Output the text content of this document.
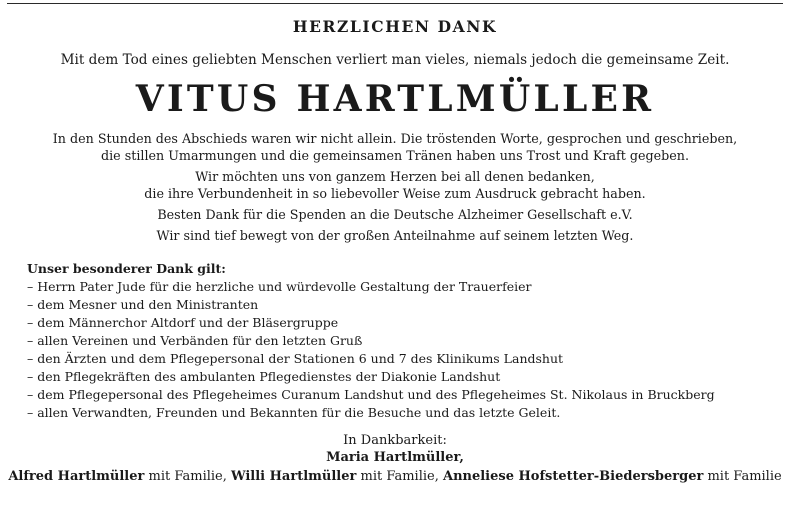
HERZLICHEN DANK
Mit dem Tod eines geliebten Menschen verliert man vieles, niemals jedoch die gemeinsame Zeit.
VITUS HARTLMÜLLER

In den Stunden des Abschieds waren wir nicht allein. Die tröstenden Worte, gesprochen und geschrieben,

die stillen Umarmungen und die gemeinsamen Tränen haben uns Trost und Kraft gegeben.

Wir möchten uns von ganzem Herzen bei all denen bedanken,

die ihre Verbundenheit in so liebevoller Weise zum Ausdruck gebracht haben.

Besten Dank für die Spenden an die Deutsche Alzheimer Gesellschaft e.V.

Wir sind tief bewegt von der großen Anteilnahme auf seinem letzten Weg.

Unser besonderer Dank gilt:
– Herrn Pater Jude für die herzliche und würdevolle Gestaltung der Trauerfeier
– dem Mesner und den Ministranten
– dem Männerchor Altdorf und der Bläsergruppe
– allen Vereinen und Verbänden für den letzten Gruß
– den Ärzten und dem Pflegepersonal der Stationen 6 und 7 des Klinikums Landshut
– den Pflegekräften des ambulanten Pflegedienstes der Diakonie Landshut
– dem Pflegepersonal des Pflegeheimes Curanum Landshut und des Pflegeheimes St. Nikolaus in Bruckberg
– allen Verwandten, Freunden und Bekannten für die Besuche und das letzte Geleit.
In Dankbarkeit:
Maria Hartlmüller,
Alfred Hartlmüller mit Familie, Willi Hartlmüller mit Familie, Anneliese Hofstetter-Biedersberger mit Familie
